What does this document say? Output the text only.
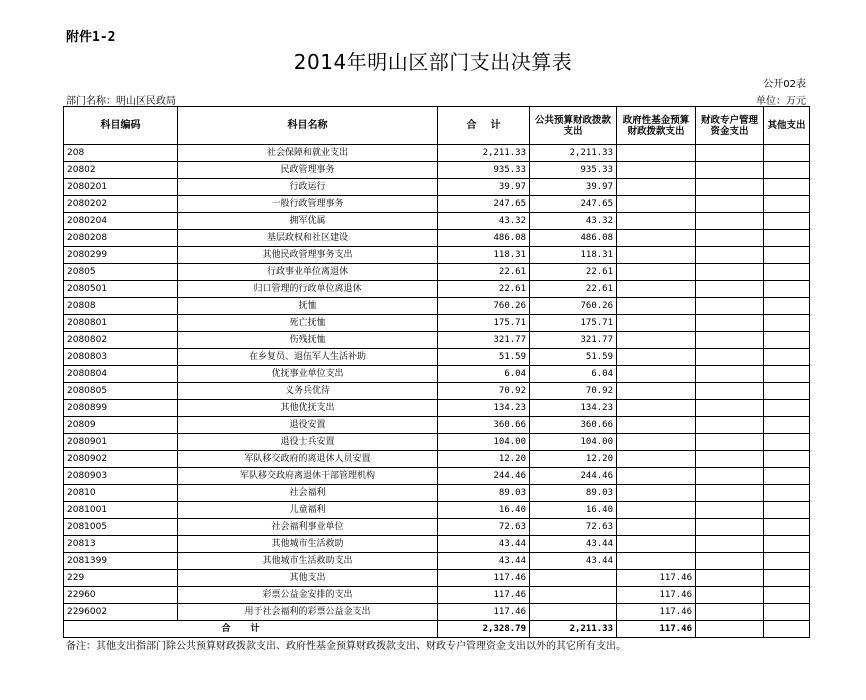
附件1-2
2014年明山区部门支出决算表
公开02表
部门名称：明山区民政局	单位：万元
科目编码	科目名称	合    计	公共预算财政拨款支出	政府性基金预算财政拨款支出	财政专户管理 资金支出	其他支出
208	社会保障和就业支出	2,211.33	2,211.33			
20802	民政管理事务	935.33	935.33			
2080201	行政运行	39.97	39.97			
2080202	一般行政管理事务	247.65	247.65			
2080204	拥军优属	43.32	43.32			
2080208	基层政权和社区建设	486.08	486.08			
2080299	其他民政管理事务支出	118.31	118.31			
20805	行政事业单位离退休	22.61	22.61			
2080501	归口管理的行政单位离退休	22.61	22.61			
20808	抚恤	760.26	760.26			
2080801	死亡抚恤	175.71	175.71			
2080802	伤残抚恤	321.77	321.77			
2080803	在乡复员、退伍军人生活补助	51.59	51.59			
2080804	优抚事业单位支出	6.04	6.04			
2080805	义务兵优待	70.92	70.92			
2080899	其他优抚支出	134.23	134.23			
20809	退役安置	360.66	360.66			
2080901	退役士兵安置	104.00	104.00			
2080902	军队移交政府的离退休人员安置	12.20	12.20			
2080903	军队移交政府离退休干部管理机构	244.46	244.46			
20810	社会福利	89.03	89.03			
2081001	儿童福利	16.40	16.40			
2081005	社会福利事业单位	72.63	72.63			
20813	其他城市生活救助	43.44	43.44			
2081399	其他城市生活救助支出	43.44	43.44			
229	其他支出	117.46		117.46		
22960	彩票公益金安排的支出	117.46		117.46		
2296002	用于社会福利的彩票公益金支出	117.46		117.46		
合计		2,328.79	2,211.33	117.46		
备注：其他支出指部门除公共预算财政拨款支出、政府性基金预算财政拨款支出、财政专户管理资金支出以外的其它所有支出。
